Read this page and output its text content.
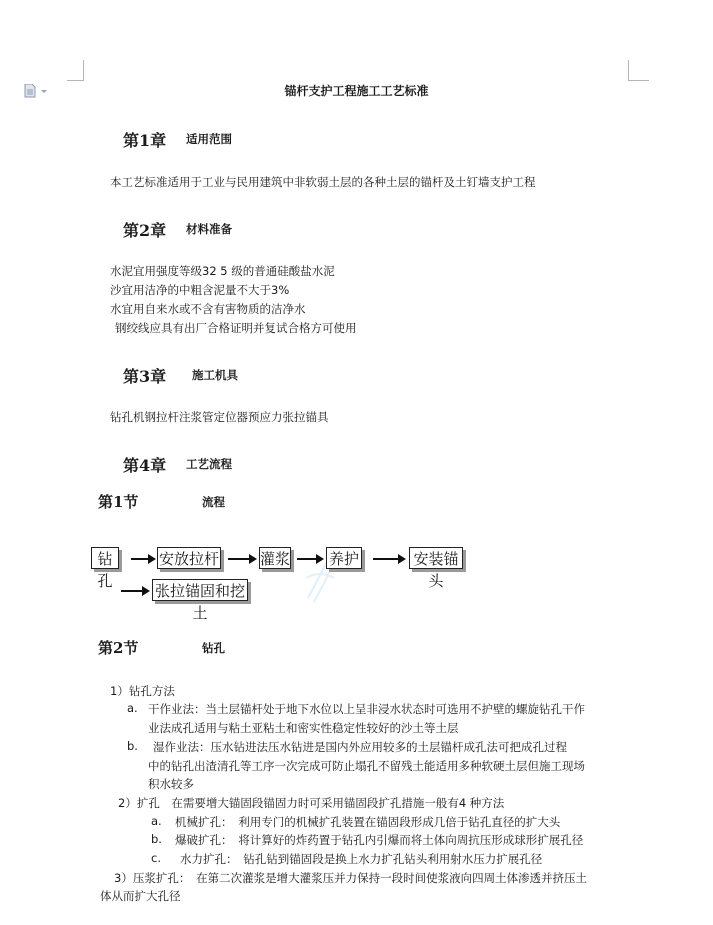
锚杆支护工程施工工艺标准
第1章 适用范围
本工艺标准适用于工业与民用建筑中非软弱土层的各种土层的锚杆及土钉墙支护工程
第2章 材料准备
水泥宜用强度等级32 5 级的普通硅酸盐水泥
沙宜用洁净的中粗含泥量不大于3%
水宜用自来水或不含有害物质的洁净水
钢绞线应具有出厂合格证明并复试合格方可使用
第3章 施工机具
钻孔机钢拉杆注浆管定位器预应力张拉锚具
第4章 工艺流程
第1节	流程
钻孔
安放拉杆	灌浆	养护	安装锚头
张拉锚固和挖土
第2节	钻孔
1）钻孔方法
a. 干作业法：当土层锚杆处于地下水位以上呈非浸水状态时可选用不护壁的螺旋钻孔干作
业法成孔适用与粘土亚粘土和密实性稳定性较好的沙土等土层
b. 湿作业法：压水钻进法压水钻进是国内外应用较多的土层锚杆成孔法可把成孔过程
中的钻孔出渣清孔等工序一次完成可防止塌孔不留残土能适用多种软硬土层但施工现场
积水较多
2）扩孔　在需要增大锚固段锚固力时可采用锚固段扩孔措施一般有4 种方法
a. 机械扩孔：　利用专门的机械扩孔装置在锚固段形成几倍于钻孔直径的扩大头
b. 爆破扩孔：　将计算好的炸药置于钻孔内引爆而将土体向周抗压形成球形扩展孔径
c. 水力扩孔：　钻孔钻到锚固段是换上水力扩孔钻头利用射水压力扩展孔径
3）压浆扩孔：　在第二次灌浆是增大灌浆压并力保持一段时间使浆液向四周土体渗透并挤压土
体从而扩大孔径
